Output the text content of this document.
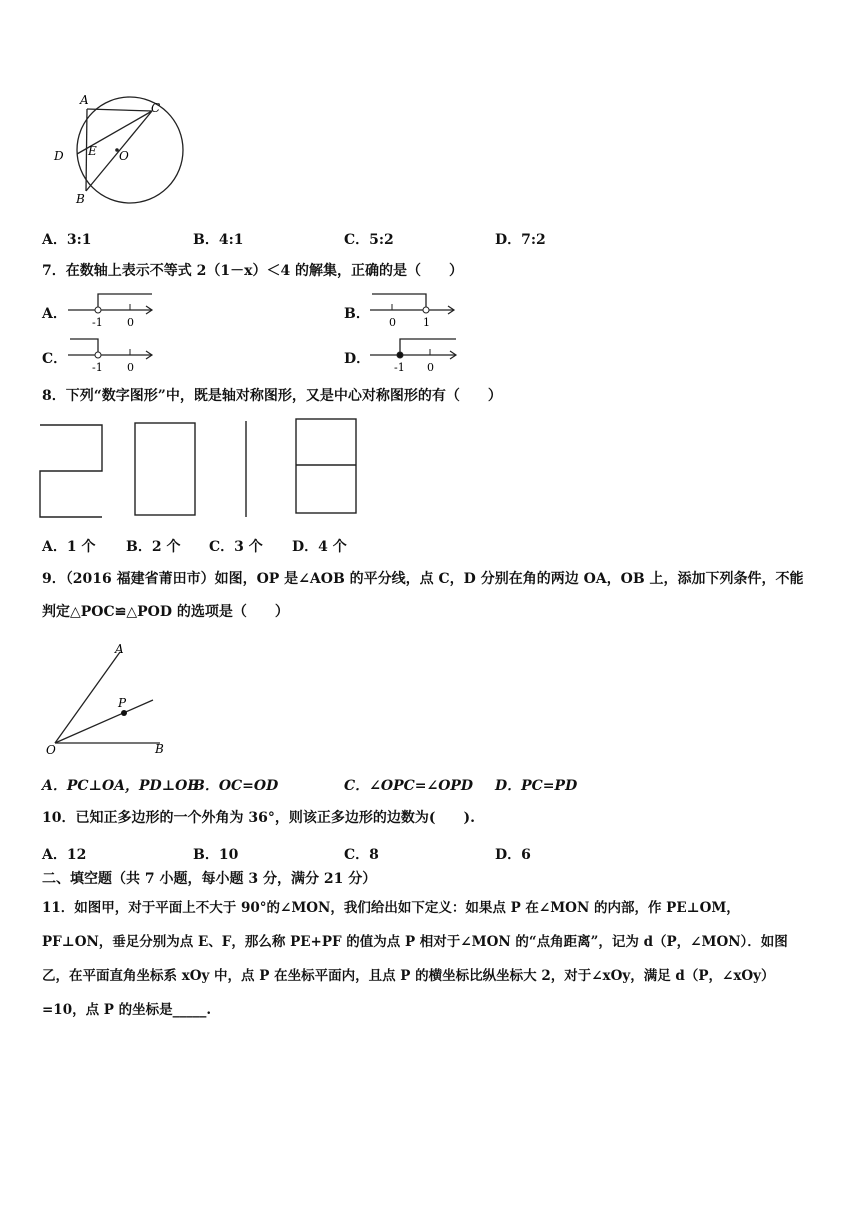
A
C
D E O
B
A．3:1	B．4:1	C．5:2	D．7:2
7．在数轴上表示不等式 2（1－x）＜4 的解集，正确的是（　　）
A．
-1 0
B．
0 1
C．
-1 0
D．
-1 0
8．下列“数字图形”中，既是轴对称图形，又是中心对称图形的有（　　）
A．1 个 B．2 个 C．3 个 D．4 个
9．（2016 福建省莆田市）如图，OP 是∠AOB 的平分线，点 C，D 分别在角的两边 OA，OB 上，添加下列条件，不能
判定△POC≌△POD 的选项是（　　）
A
P
O	B
A．PC⊥OA，PD⊥OB
B．OC=OD	C．∠OPC=∠OPD D．PC=PD
10．已知正多边形的一个外角为 36°，则该正多边形的边数为(　　).
A．12	B．10	C．8	D．6
二、填空题（共 7 小题，每小题 3 分，满分 21 分）
11．如图甲，对于平面上不大于 90°的∠MON，我们给出如下定义：如果点 P 在∠MON 的内部，作 PE⊥OM，
PF⊥ON，垂足分别为点 E、F，那么称 PE+PF 的值为点 P 相对于∠MON 的“点角距离”，记为 d（P，∠MON）．如图
乙，在平面直角坐标系 xOy 中，点 P 在坐标平面内，且点 P 的横坐标比纵坐标大 2，对于∠xOy，满足 d（P，∠xOy）
=10，点 P 的坐标是_____.
